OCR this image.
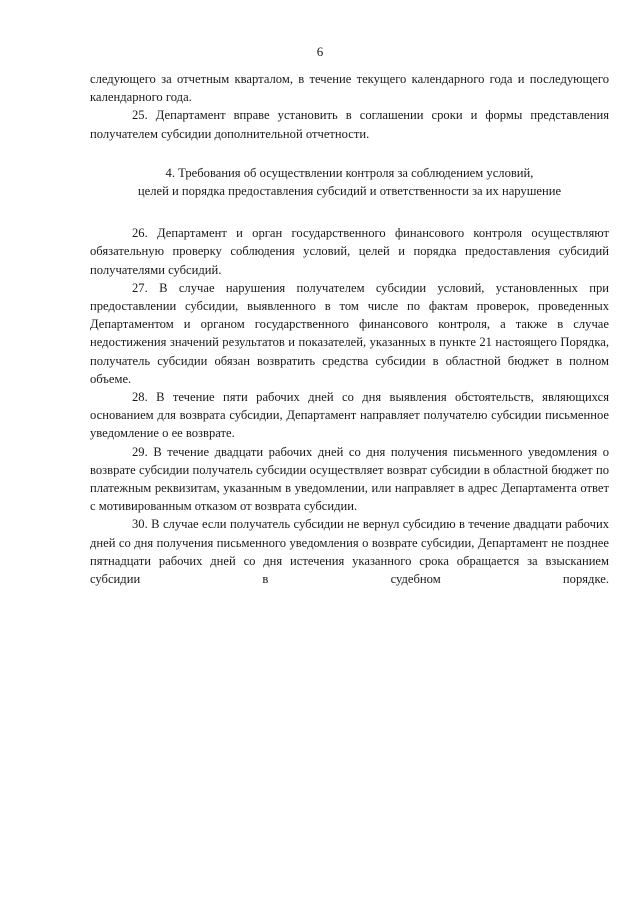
6

следующего за отчетным кварталом, в течение текущего календарного года и последующего календарного года.

25. Департамент вправе установить в соглашении сроки и формы представления получателем субсидии дополнительной отчетности.

4. Требования об осуществлении контроля за соблюдением условий,
целей и порядка предоставления субсидий и ответственности за их нарушение

26. Департамент и орган государственного финансового контроля осуществляют обязательную проверку соблюдения условий, целей и порядка предоставления субсидий получателями субсидий.

27. В случае нарушения получателем субсидии условий, установленных при предоставлении субсидии, выявленного в том числе по фактам проверок, проведенных Департаментом и органом государственного финансового контроля, а также в случае недостижения значений результатов и показателей, указанных в пункте 21 настоящего Порядка, получатель субсидии обязан возвратить средства субсидии в областной бюджет в полном объеме.

28. В течение пяти рабочих дней со дня выявления обстоятельств, являющихся основанием для возврата субсидии, Департамент направляет получателю субсидии письменное уведомление о ее возврате.

29. В течение двадцати рабочих дней со дня получения письменного уведомления о возврате субсидии получатель субсидии осуществляет возврат субсидии в областной бюджет по платежным реквизитам, указанным в уведомлении, или направляет в адрес Департамента ответ с мотивированным отказом от возврата субсидии.

30. В случае если получатель субсидии не вернул субсидию в течение двадцати рабочих дней со дня получения письменного уведомления о возврате субсидии, Департамент не позднее пятнадцати рабочих дней со дня истечения указанного срока обращается за взысканием субсидии в судебном порядке.
